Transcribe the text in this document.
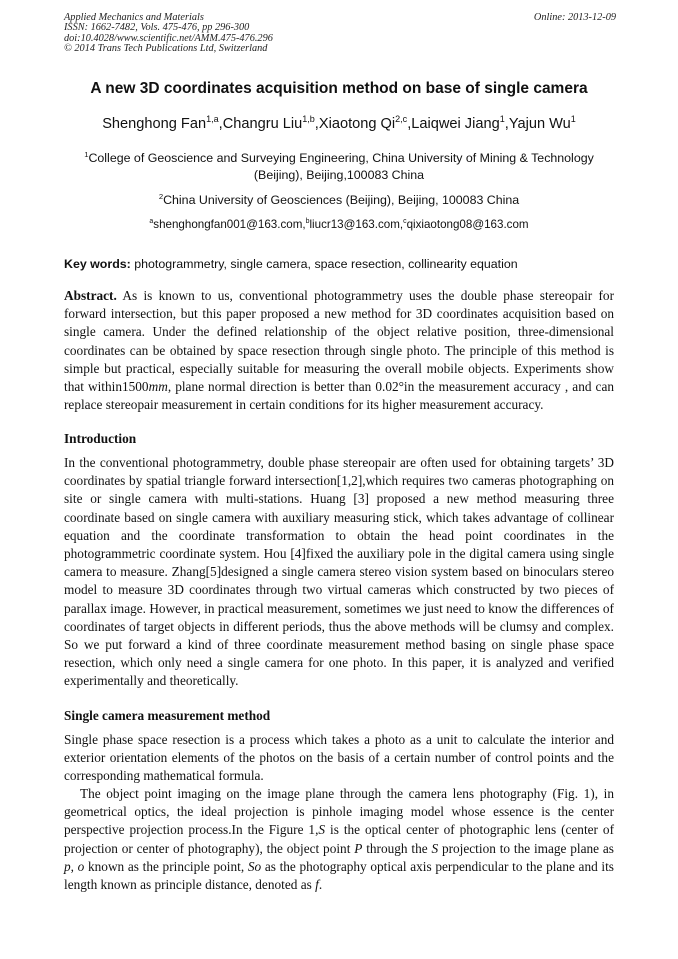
Applied Mechanics and Materials
ISSN: 1662-7482, Vols. 475-476, pp 296-300
doi:10.4028/www.scientific.net/AMM.475-476.296
© 2014 Trans Tech Publications Ltd, Switzerland
Online: 2013-12-09
A new 3D coordinates acquisition method on base of single camera
Shenghong Fan$^{1,a}$,Changru Liu$^{1,b}$,Xiaotong Qi$^{2,c}$,Laiqwei Jiang$^1$,Yajun Wu$^1$
$^1$College of Geoscience and Surveying Engineering, China University of Mining & Technology (Beijing), Beijing,100083 China
$^2$China University of Geosciences (Beijing), Beijing, 100083 China
$^a$shenghongfan001@163.com,$^b$liucr13@163.com,$^c$qixiaotong08@163.com
Key words: photogrammetry, single camera, space resection, collinearity equation
Abstract. As is known to us, conventional photogrammetry uses the double phase stereopair for forward intersection, but this paper proposed a new method for 3D coordinates acquisition based on single camera. Under the defined relationship of the object relative position, three-dimensional coordinates can be obtained by space resection through single photo. The principle of this method is simple but practical, especially suitable for measuring the overall mobile objects. Experiments show that within1500mm, plane normal direction is better than 0.02°in the measurement accuracy , and can replace stereopair measurement in certain conditions for its higher measurement accuracy.
Introduction
In the conventional photogrammetry, double phase stereopair are often used for obtaining targets’ 3D coordinates by spatial triangle forward intersection[1,2],which requires two cameras photographing on site or single camera with multi-stations. Huang [3] proposed a new method measuring three coordinate based on single camera with auxiliary measuring stick, which takes advantage of collinear equation and the coordinate transformation to obtain the head point coordinates in the photogrammetric coordinate system. Hou [4]fixed the auxiliary pole in the digital camera using single camera to measure. Zhang[5]designed a single camera stereo vision system based on binoculars stereo model to measure 3D coordinates through two virtual cameras which constructed by two pieces of parallax image. However, in practical measurement, sometimes we just need to know the differences of coordinates of target objects in different periods, thus the above methods will be clumsy and complex. So we put forward a kind of three coordinate measurement method basing on single phase space resection, which only need a single camera for one photo. In this paper, it is analyzed and verified experimentally and theoretically.
Single camera measurement method
Single phase space resection is a process which takes a photo as a unit to calculate the interior and exterior orientation elements of the photos on the basis of a certain number of control points and the corresponding mathematical formula.
The object point imaging on the image plane through the camera lens photography (Fig. 1), in geometrical optics, the ideal projection is pinhole imaging model whose essence is the center perspective projection process.In the Figure 1,S is the optical center of photographic lens (center of projection or center of photography), the object point P through the S projection to the image plane as p, o known as the principle point, So as the photography optical axis perpendicular to the plane and its length known as principle distance, denoted as f.
